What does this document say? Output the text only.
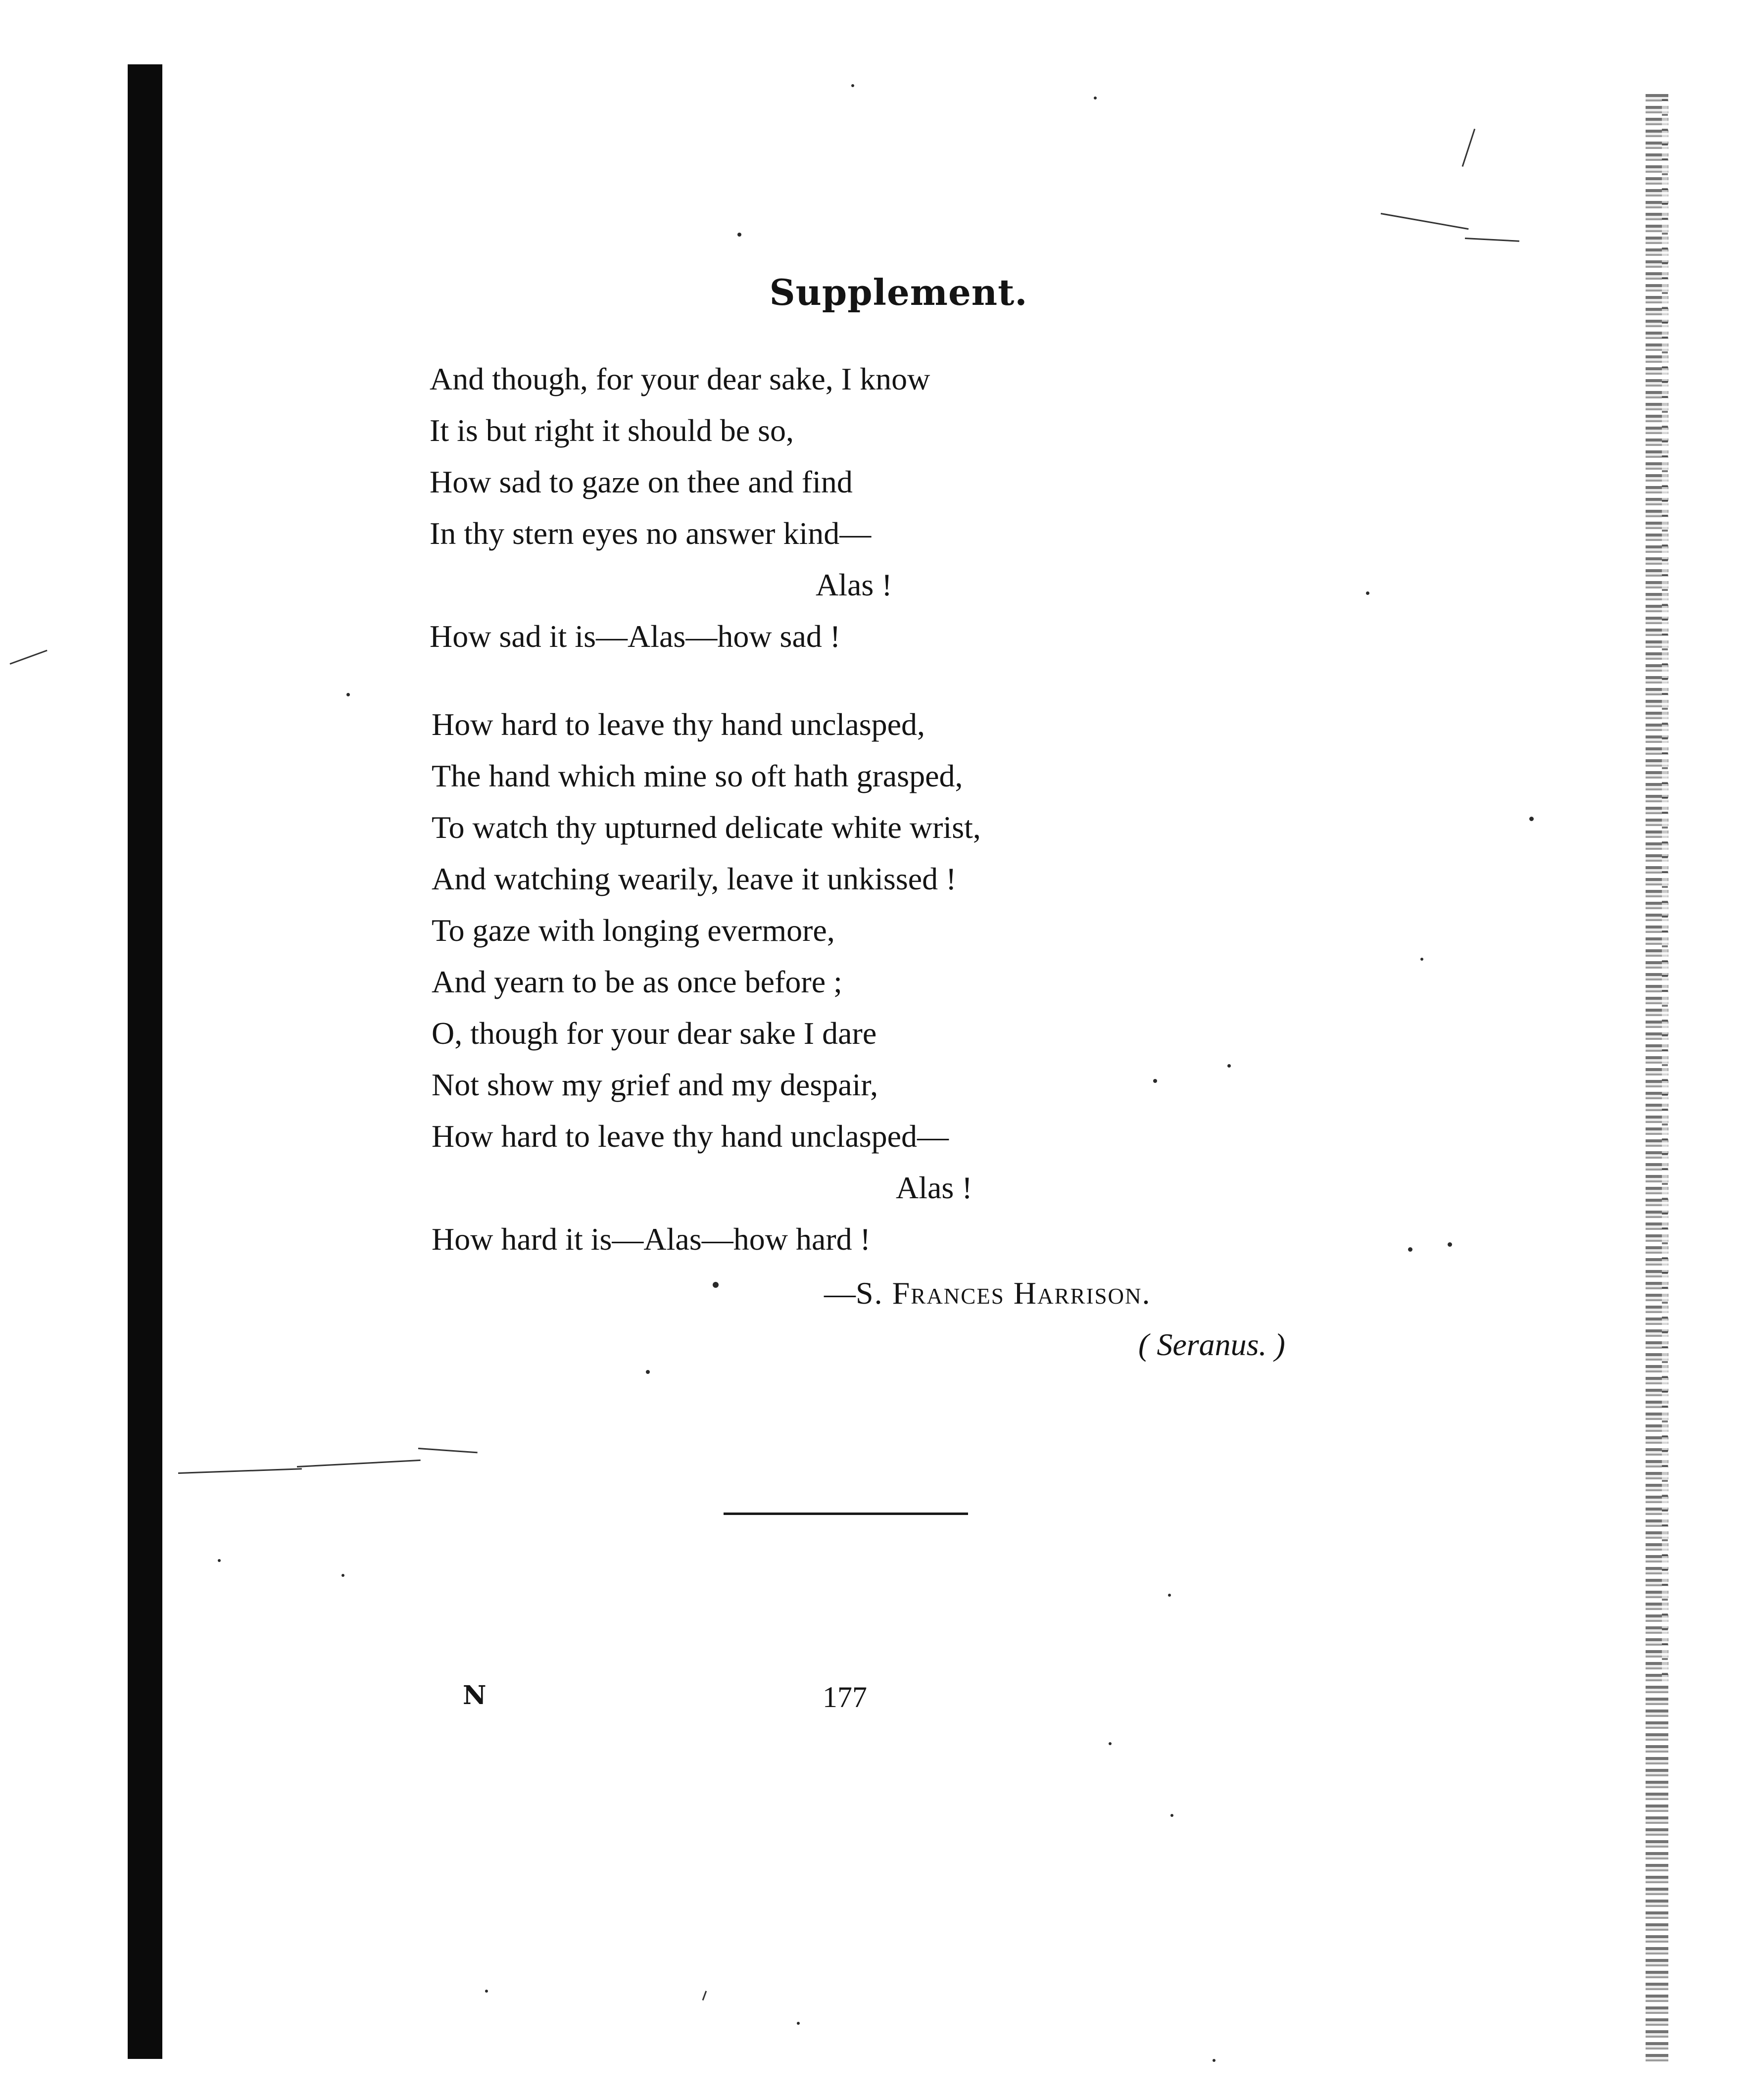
Supplement.
And though, for your dear sake, I know
It is but right it should be so,
How sad to gaze on thee and find
In thy stern eyes no answer kind—
Alas !
How sad it is—Alas—how sad !
How hard to leave thy hand unclasped,
The hand which mine so oft hath grasped,
To watch thy upturned delicate white wrist,
And watching wearily, leave it unkissed !
To gaze with longing evermore,
And yearn to be as once before ;
O, though for your dear sake I dare
Not show my grief and my despair,
How hard to leave thy hand unclasped—
Alas !
How hard it is—Alas—how hard !
—S. Frances Harrison.
( Seranus. )
N	177
